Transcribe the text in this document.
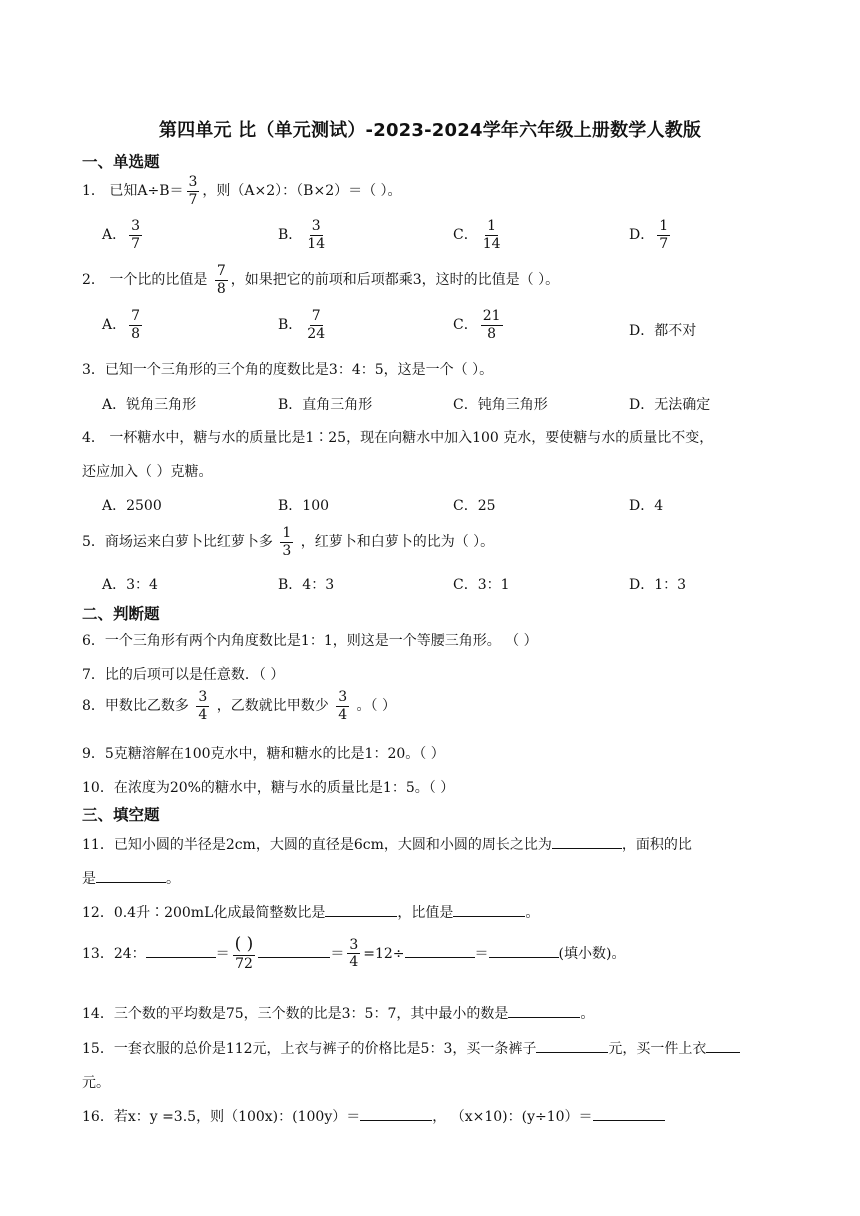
第四单元 比（单元测试）-2023-2024学年六年级上册数学人教版
一、单选题
1． 已知$A\div B= \frac{3}{7}$ ，则（A×2）：（B×2）＝（ ）。
A． $\frac{3}{7}$	B． $\frac{3}{14}$	C． $\frac{1}{14}$	D． $\frac{1}{7}$
2． 一个比的比值是 $\frac{7}{8}$ ，如果把它的前项和后项都乘3，这时的比值是（ ）。
A． $\frac{7}{8}$	B． $\frac{7}{24}$	C． $\frac{21}{8}$	D．都不对
3．已知一个三角形的三个角的度数比是3：4：5，这是一个（ ）。
A．锐角三角形	B．直角三角形	C．钝角三角形	D．无法确定
4． 一杯糖水中，糖与水的质量比是1∶25，现在向糖水中加入100 克水，要使糖与水的质量比不变，
还应加入（ ）克糖。
A．2500	B．100	C．25	D．4
5．商场运来白萝卜比红萝卜多 $\frac{1}{3}$ ，红萝卜和白萝卜的比为（ ）。
A．3：4	B．4：3	C．3：1	D．1：3
二、判断题
6．一个三角形有两个内角度数比是1：1，则这是一个等腰三角形。 （ ）
7．比的后项可以是任意数．（ ）
8．甲数比乙数多 $\frac{3}{4}$ ，乙数就比甲数少 $\frac{3}{4}$ 。（ ）
9．5克糖溶解在100克水中，糖和糖水的比是1：20。（ ）
10．在浓度为20%的糖水中，糖与水的质量比是1：5。（ ）
三、填空题
11．已知小圆的半径是2cm，大圆的直径是6cm，大圆和小圆的周长之比为	，面积的比
是	。
12．0.4升∶200mL化成最简整数比是	，比值是	。
13．24：	＝ $\frac{( )}{72}$	＝ $\frac{3}{4} =12\div$	＝	(填小数)。
14．三个数的平均数是75，三个数的比是3：5：7，其中最小的数是	。
15．一套衣服的总价是112元，上衣与裤子的价格比是5：3，买一条裤子	元，买一件上衣
元。
16．若x：y =3.5，则（100x)：(100y）＝	， （x×10)：(y÷10）＝
